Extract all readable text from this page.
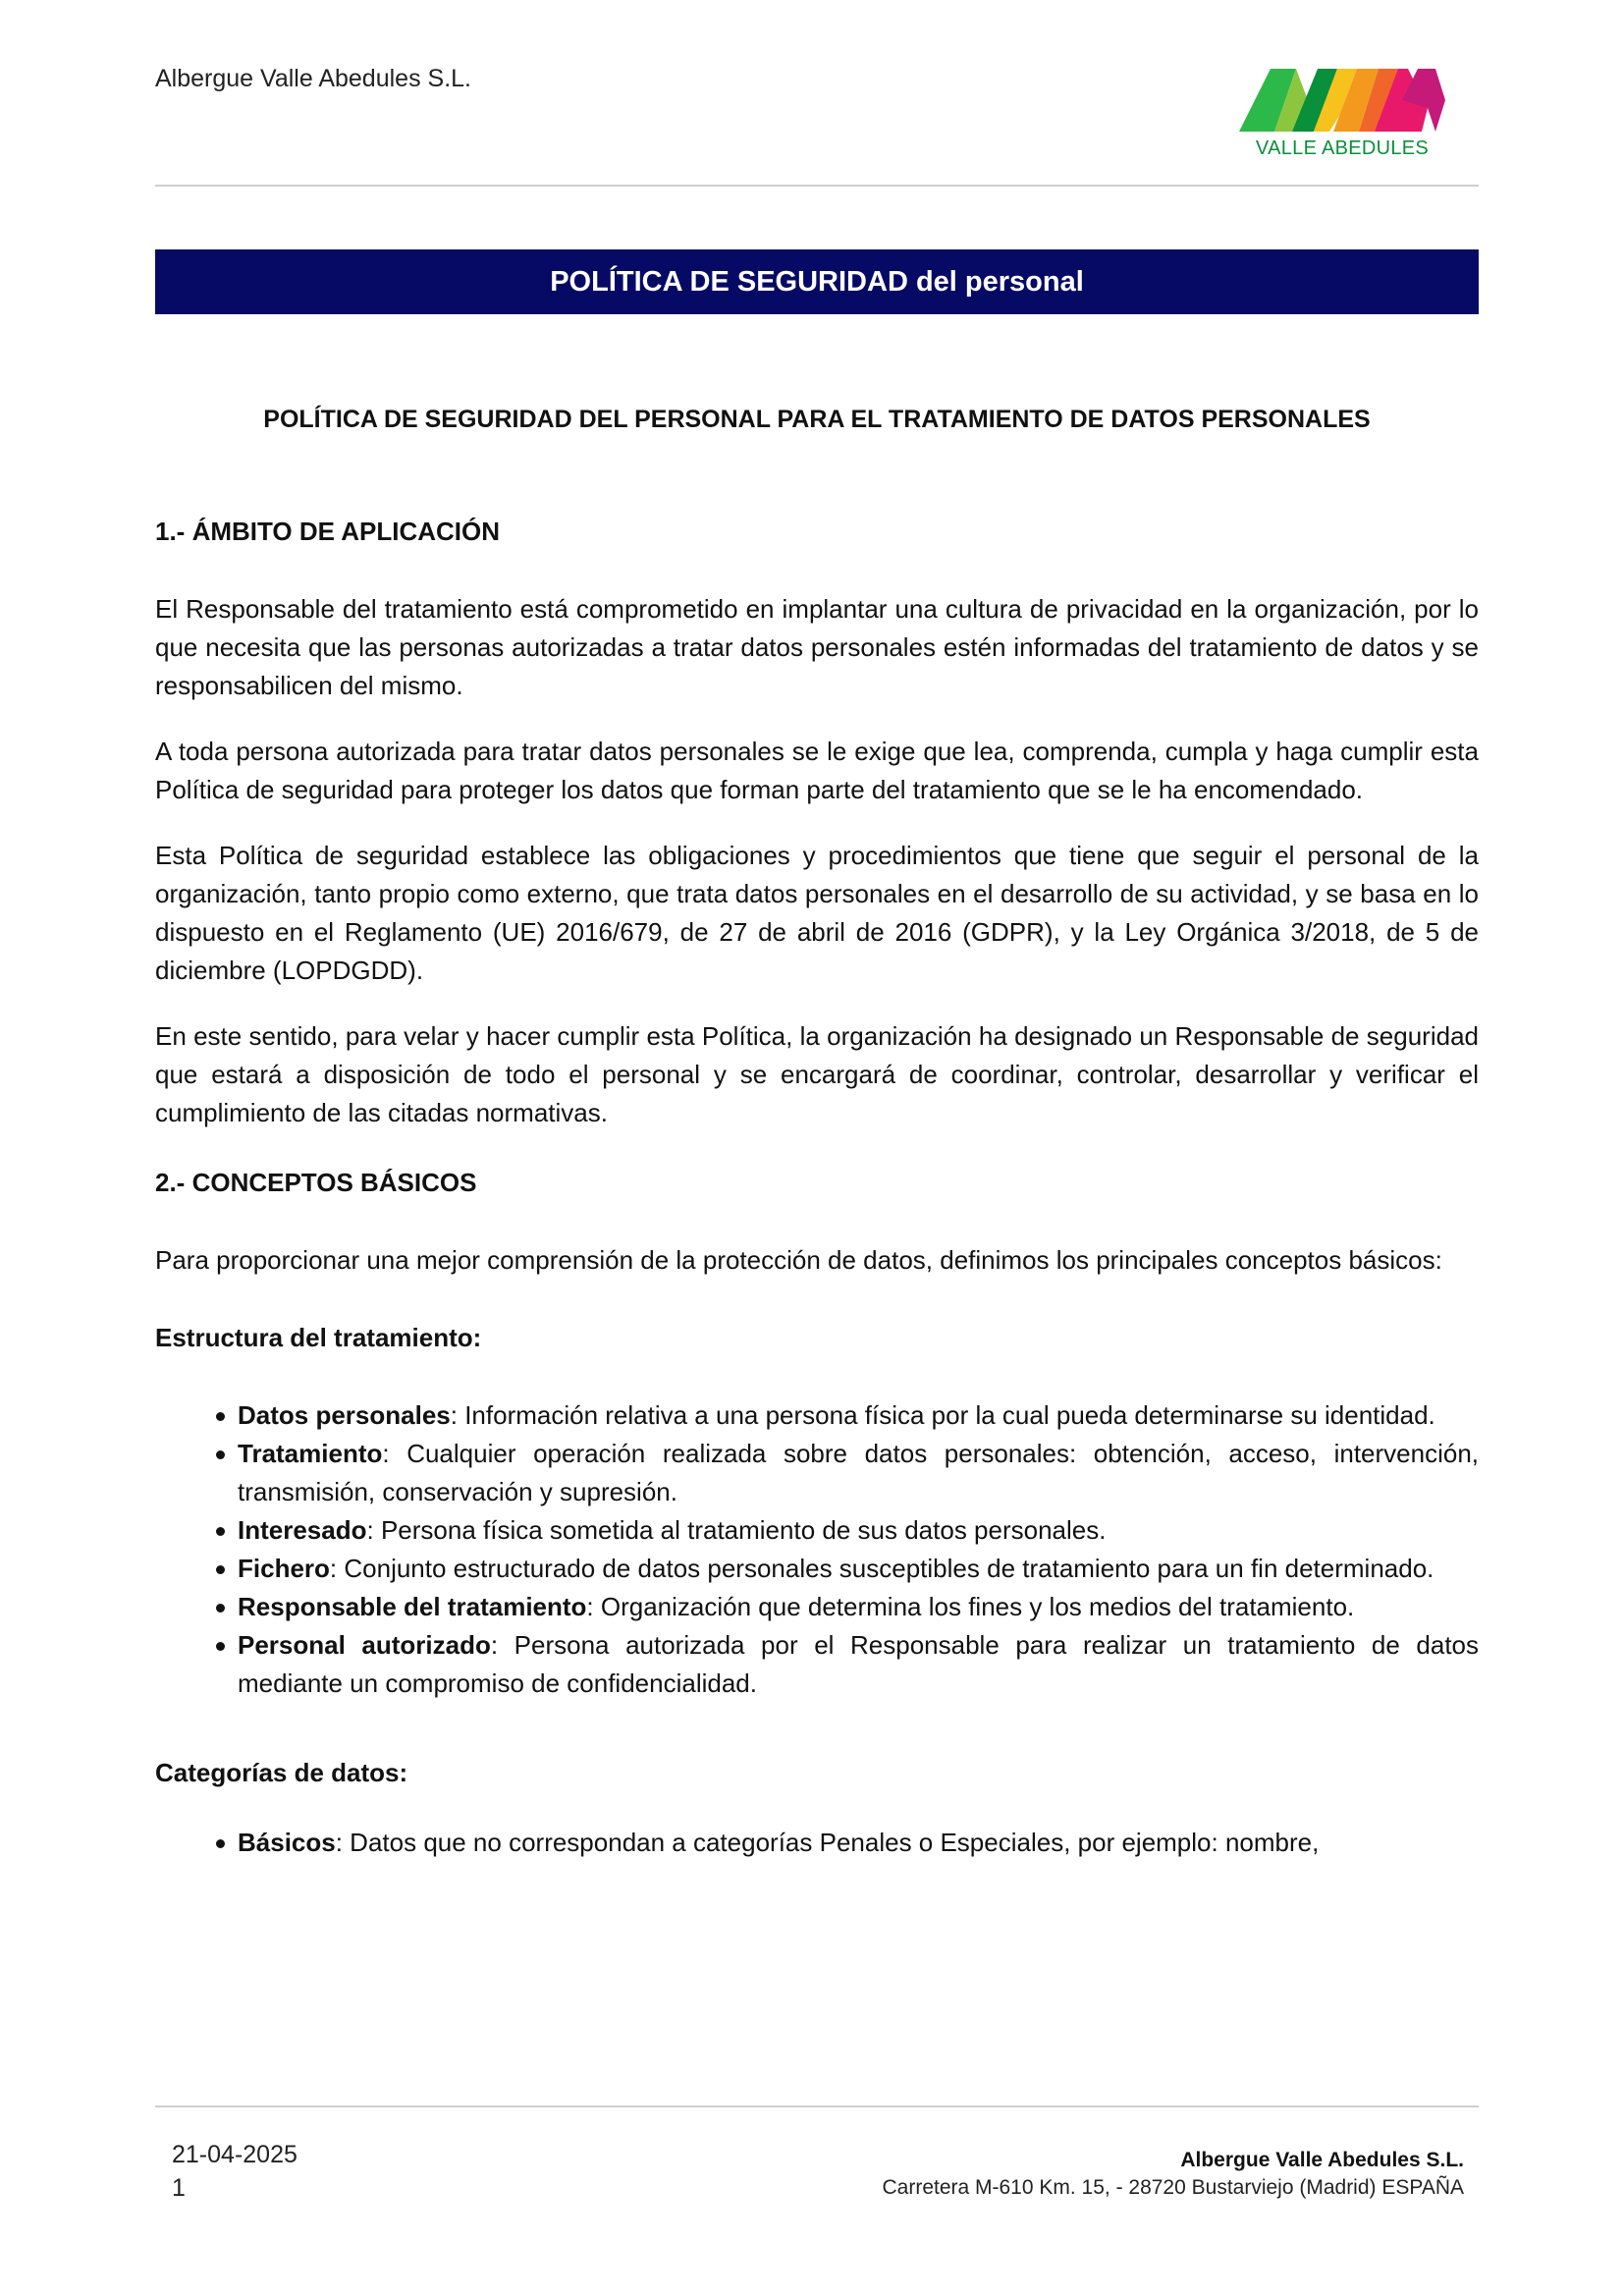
Albergue Valle Abedules S.L.
VALLE ABEDULES
POLÍTICA DE SEGURIDAD del personal
POLÍTICA DE SEGURIDAD DEL PERSONAL PARA EL TRATAMIENTO DE DATOS PERSONALES
1.- ÁMBITO DE APLICACIÓN

El Responsable del tratamiento está comprometido en implantar una cultura de privacidad en la organización, por lo que necesita que las personas autorizadas a tratar datos personales estén informadas del tratamiento de datos y se responsabilicen del mismo.

A toda persona autorizada para tratar datos personales se le exige que lea, comprenda, cumpla y haga cumplir esta Política de seguridad para proteger los datos que forman parte del tratamiento que se le ha encomendado.

Esta Política de seguridad establece las obligaciones y procedimientos que tiene que seguir el personal de la organización, tanto propio como externo, que trata datos personales en el desarrollo de su actividad, y se basa en lo dispuesto en el Reglamento (UE) 2016/679, de 27 de abril de 2016 (GDPR), y la Ley Orgánica 3/2018, de 5 de diciembre (LOPDGDD).

En este sentido, para velar y hacer cumplir esta Política, la organización ha designado un Responsable de seguridad que estará a disposición de todo el personal y se encargará de coordinar, controlar, desarrollar y verificar el cumplimiento de las citadas normativas.

2.- CONCEPTOS BÁSICOS

Para proporcionar una mejor comprensión de la protección de datos, definimos los principales conceptos básicos:

Estructura del tratamiento:

Datos personales: Información relativa a una persona física por la cual pueda determinarse su identidad.
Tratamiento: Cualquier operación realizada sobre datos personales: obtención, acceso, intervención, transmisión, conservación y supresión.
Interesado: Persona física sometida al tratamiento de sus datos personales.
Fichero: Conjunto estructurado de datos personales susceptibles de tratamiento para un fin determinado.
Responsable del tratamiento: Organización que determina los fines y los medios del tratamiento.
Personal autorizado: Persona autorizada por el Responsable para realizar un tratamiento de datos mediante un compromiso de confidencialidad.

Categorías de datos:

Básicos: Datos que no correspondan a categorías Penales o Especiales, por ejemplo: nombre,
21-04-2025
1
Albergue Valle Abedules S.L.
Carretera M-610 Km. 15, - 28720 Bustarviejo (Madrid) ESPAÑA
